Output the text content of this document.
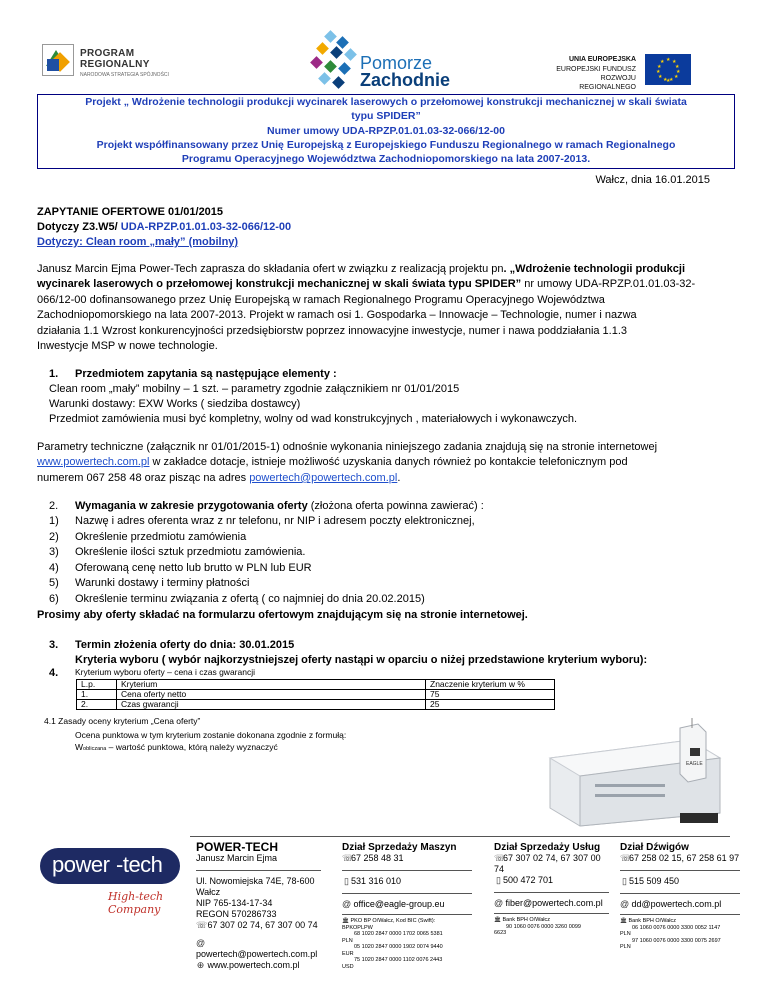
PROGRAM
REGIONALNY
NARODOWA STRATEGIA SPÓJNOŚCI
Pomorze
Zachodnie
UNIA EUROPEJSKA
EUROPEJSKI FUNDUSZ
ROZWOJU REGIONALNEGO
★ ★
★
★
★
★
★
★
★
★
★
★
Projekt „ Wdrożenie technologii produkcji wycinarek laserowych o przełomowej konstrukcji mechanicznej w skali świata
typu SPIDER”
Numer umowy UDA-RPZP.01.01.03-32-066/12-00
Projekt współfinansowany przez Unię Europejską z Europejskiego Funduszu Regionalnego w ramach Regionalnego
Programu Operacyjnego Województwa Zachodniopomorskiego na lata 2007-2013.
Wałcz, dnia 16.01.2015
ZAPYTANIE OFERTOWE 01/01/2015
Dotyczy Z3.W5/ UDA-RPZP.01.01.03-32-066/12-00
Dotyczy: Clean room „mały” (mobilny)
Janusz Marcin Ejma Power-Tech zaprasza do składania ofert w związku z realizacją projektu pn. „Wdrożenie technologii produkcji
wycinarek laserowych o przełomowej konstrukcji mechanicznej w skali świata typu SPIDER” nr umowy UDA-RPZP.01.01.03-32-
066/12-00 dofinansowanego przez Unię Europejską w ramach Regionalnego Programu Operacyjnego Województwa
Zachodniopomorskiego na lata 2007-2013. Projekt w ramach osi 1. Gospodarka – Innowacje – Technologie, numer i nazwa
działania 1.1 Wzrost konkurencyjności przedsiębiorstw poprzez innowacyjne inwestycje, numer i nawa poddziałania 1.1.3
Inwestycje MSP w nowe technologie.
1. Przedmiotem zapytania są następujące elementy :
Clean room „mały” mobilny – 1 szt. – parametry zgodnie załącznikiem nr 01/01/2015
Warunki dostawy: EXW Works ( siedziba dostawcy)
Przedmiot zamówienia musi być kompletny, wolny od wad konstrukcyjnych , materiałowych i wykonawczych.
Parametry techniczne (załącznik nr 01/01/2015-1) odnośnie wykonania niniejszego zadania znajdują się na stronie internetowej
www.powertech.com.pl w zakładce dotacje, istnieje możliwość uzyskania danych również po kontakcie telefonicznym pod
numerem 067 258 48 oraz pisząc na adres powertech@powertech.com.pl.
2. Wymagania w zakresie przygotowania oferty (złożona oferta powinna zawierać) :
1) Nazwę i adres oferenta wraz z nr telefonu, nr NIP i adresem poczty elektronicznej,
2) Określenie przedmiotu zamówienia
3) Określenie ilości sztuk przedmiotu zamówienia.
4) Oferowaną cenę netto lub brutto w PLN lub EUR
5) Warunki dostawy i terminy płatności
6) Określenie terminu związania z ofertą ( co najmniej do dnia 20.02.2015)
Prosimy aby oferty składać na formularzu ofertowym znajdującym się na stronie internetowej.
3. Termin złożenia oferty do dnia: 30.01.2015
4.
Kryteria wyboru ( wybór najkorzystniejszej oferty nastąpi w oparciu o niżej przedstawione kryterium wyboru):
Kryterium wyboru oferty – cena i czas gwarancji
L.p.	Kryterium	Znaczenie kryterium w %
1.	Cena oferty netto	75
2.	Czas gwarancji	25
4.1 Zasady oceny kryterium „Cena oferty”
Ocena punktowa w tym kryterium zostanie dokonana zgodnie z formułą:
Wobliczana – wartość punktowa, którą należy wyznaczyć
EAGLE
power -tech
High-tech Company
POWER-TECH
Janusz Marcin Ejma
Ul. Nowomiejska 74E, 78-600
Wałcz
NIP 765-134-17-34
REGON 570286733
☏ 67 307 02 74, 67 307 00 74
@
powertech@powertech.com.pl
⊕ www.powertech.com.pl
Dział Sprzedaży Maszyn
☏67 258 48 31
▯ 531 316 010
@ office@eagle-group.eu
🏛 PKO BP O/Wałcz, Kod BIC (Swift):
BPKOPLPW
68 1020 2847 0000 1702 0065 5381
PLN
05 1020 2847 0000 1902 0074 9440
EUR
75 1020 2847 0000 1102 0076 2443
USD
Dział Sprzedaży Usług
☏67 307 02 74, 67 307 00
74
▯ 500 472 701
@ fiber@powertech.com.pl
🏛 Bank BPH O/Wałcz
90 1060 0076 0000 3260 0099
6623
Dział Dźwigów
☏67 258 02 15, 67 258 61 97
▯ 515 509 450
@ dd@powertech.com.pl
🏛 Bank BPH O/Wałcz
06 1060 0076 0000 3300 0052 1147
PLN
97 1060 0076 0000 3300 0075 2697
PLN
